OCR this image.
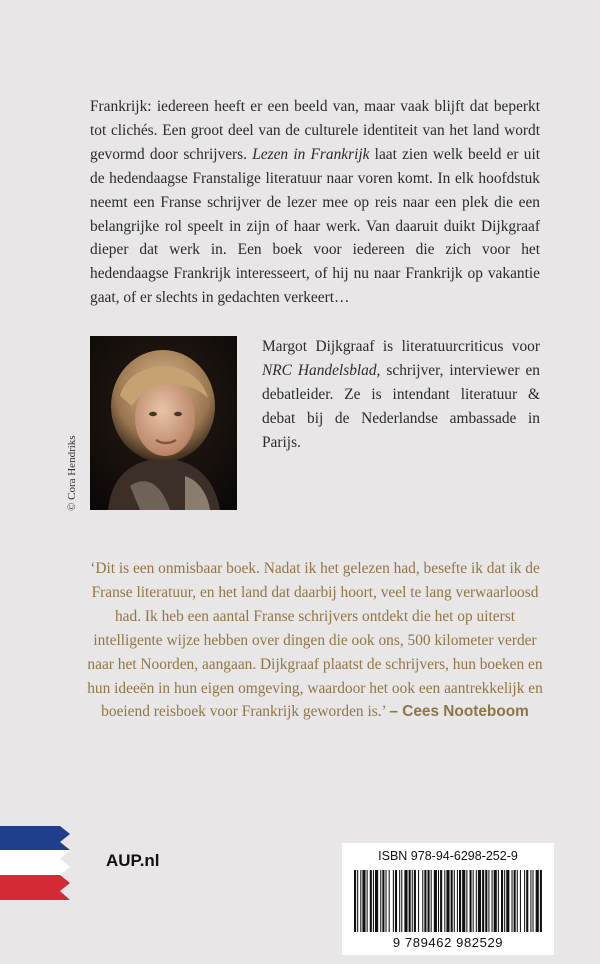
Frankrijk: iedereen heeft er een beeld van, maar vaak blijft dat beperkt tot clichés. Een groot deel van de culturele identiteit van het land wordt gevormd door schrijvers. Lezen in Frankrijk laat zien welk beeld er uit de hedendaagse Franstalige literatuur naar voren komt. In elk hoofdstuk neemt een Franse schrijver de lezer mee op reis naar een plek die een belangrijke rol speelt in zijn of haar werk. Van daaruit duikt Dijkgraaf dieper dat werk in. Een boek voor iedereen die zich voor het hedendaagse Frankrijk interesseert, of hij nu naar Frankrijk op vakantie gaat, of er slechts in gedachten verkeert…

© Cora Hendriks

Margot Dijkgraaf is literatuurcriticus voor NRC Handelsblad, schrijver, interviewer en debatleider. Ze is intendant literatuur & debat bij de Nederlandse ambassade in Parijs.

‘Dit is een onmisbaar boek. Nadat ik het gelezen had, besefte ik dat ik de Franse literatuur, en het land dat daarbij hoort, veel te lang verwaarloosd had. Ik heb een aantal Franse schrijvers ontdekt die het op uiterst intelligente wijze hebben over dingen die ook ons, 500 kilometer verder naar het Noorden, aangaan. Dijkgraaf plaatst de schrijvers, hun boeken en hun ideeën in hun eigen omgeving, waardoor het ook een aantrekkelijk en boeiend reisboek voor Frankrijk geworden is.’ – Cees Nooteboom

AUP.nl	ISBN 978-94-6298-252-9
9 789462 982529
